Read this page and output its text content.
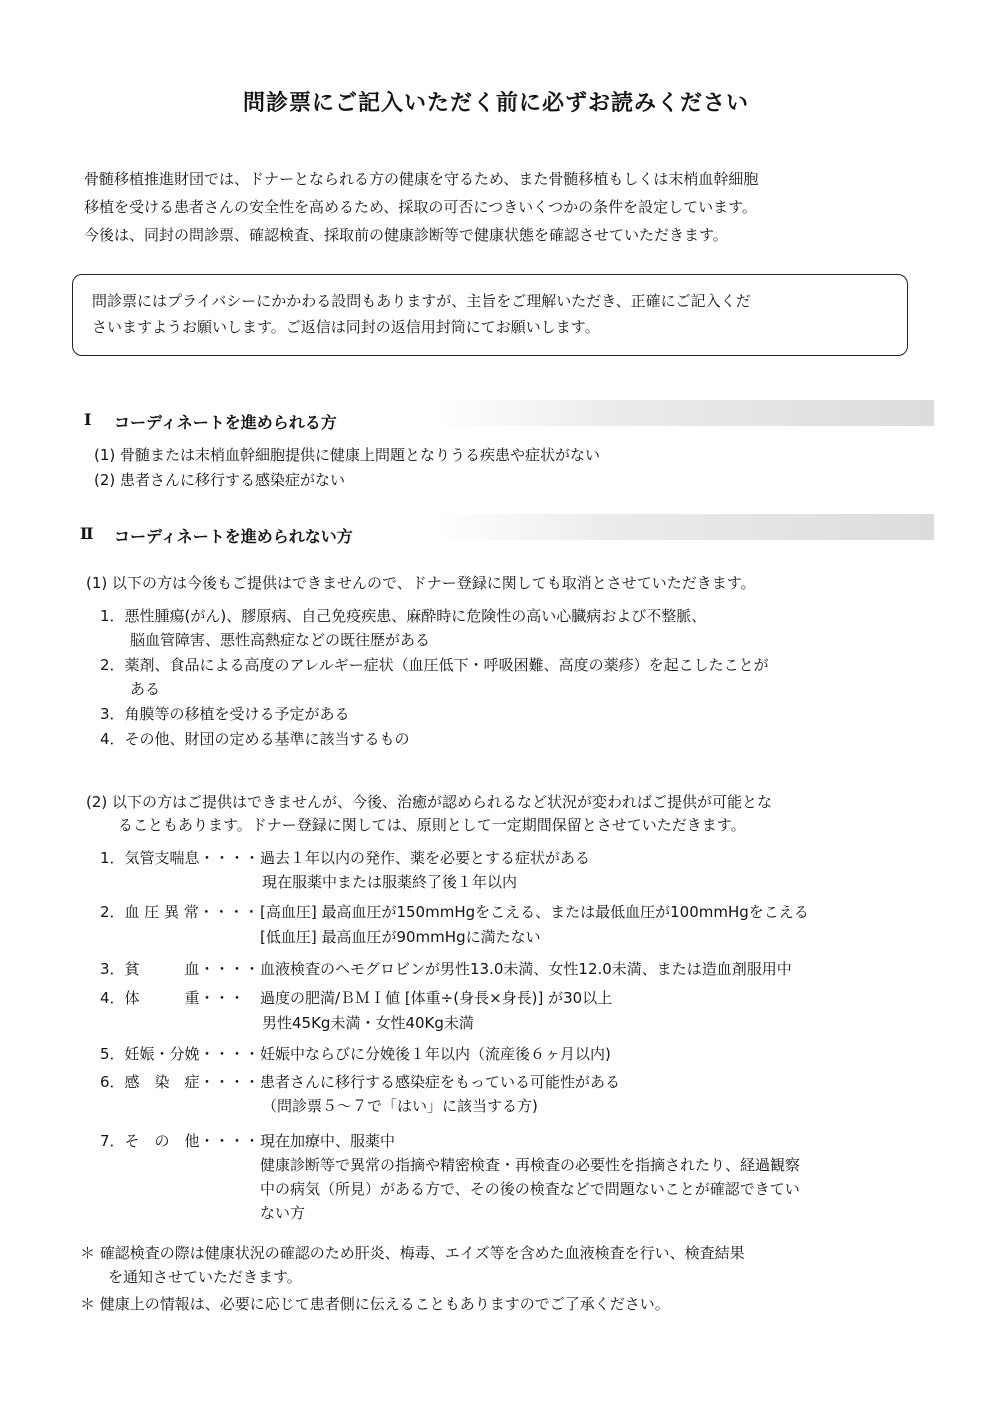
問診票にご記入いただく前に必ずお読みください
骨髄移植推進財団では、ドナーとなられる方の健康を守るため、また骨髄移植もしくは末梢血幹細胞
移植を受ける患者さんの安全性を高めるため、採取の可否につきいくつかの条件を設定しています。
今後は、同封の問診票、確認検査、採取前の健康診断等で健康状態を確認させていただきます。
問診票にはプライバシーにかかわる設問もありますが、主旨をご理解いただき、正確にご記入くだ
さいますようお願いします。ご返信は同封の返信用封筒にてお願いします。
Ⅰ コーディネートを進められる方
(1) 骨髄または末梢血幹細胞提供に健康上問題となりうる疾患や症状がない
(2) 患者さんに移行する感染症がない
Ⅱ コーディネートを進められない方
(1) 以下の方は今後もご提供はできませんので、ドナー登録に関しても取消とさせていただきます。
1．悪性腫瘍(がん)、膠原病、自己免疫疾患、麻酔時に危険性の高い心臓病および不整脈、
脳血管障害、悪性高熱症などの既往歴がある
2．薬剤、食品による高度のアレルギー症状（血圧低下・呼吸困難、高度の薬疹）を起こしたことが
ある
3．角膜等の移植を受ける予定がある
4．その他、財団の定める基準に該当するもの
(2) 以下の方はご提供はできませんが、今後、治癒が認められるなど状況が変わればご提供が可能とな
ることもあります。ドナー登録に関しては、原則として一定期間保留とさせていただきます。
1．気管支喘息・・・・ 過去１年以内の発作、薬を必要とする症状がある
現在服薬中または服薬終了後１年以内
2．血 圧 異 常・・・・ [高血圧] 最高血圧が150mmHgをこえる、または最低血圧が100mmHgをこえる
[低血圧] 最高血圧が90mmHgに満たない
3．貧　　　血・・・・ 血液検査のヘモグロビンが男性13.0未満、女性12.0未満、または造血剤服用中
4．体　　　重・・・ 過度の肥満/ＢＭＩ値 [体重÷(身長×身長)] が30以上
男性45Kg未満・女性40Kg未満
5．妊娠・分娩・・・・ 妊娠中ならびに分娩後１年以内（流産後６ヶ月以内)
6．感　染　症・・・・ 患者さんに移行する感染症をもっている可能性がある
（問診票５～７で「はい」に該当する方)
7．そ　の　他・・・・ 現在加療中、服薬中
健康診断等で異常の指摘や精密検査・再検査の必要性を指摘されたり、経過観察
中の病気（所見）がある方で、その後の検査などで問題ないことが確認できてい
ない方
＊ 確認検査の際は健康状況の確認のため肝炎、梅毒、エイズ等を含めた血液検査を行い、検査結果
を通知させていただきます。
＊ 健康上の情報は、必要に応じて患者側に伝えることもありますのでご了承ください。
